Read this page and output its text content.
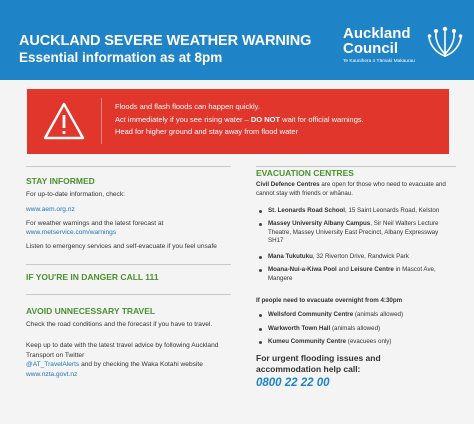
AUCKLAND SEVERE WEATHER WARNING
Essential information as at 8pm
Auckland
Council
Te Kaunihera o Tāmaki Makaurau
Floods and flash floods can happen quickly.
Act immediately if you see rising water – DO NOT wait for official warnings.
Head for higher ground and stay away from flood water
STAY INFORMED
For up-to-date information, check:
www.aem.org.nz
For weather warnings and the latest forecast at
www.metservice.com/warnings
Listen to emergency services and self-evacuate if you feel unsafe
IF YOU'RE IN DANGER CALL 111
AVOID UNNECESSARY TRAVEL
Check the road conditions and the forecast if you have to travel.
Keep up to date with the latest travel advice by following Auckland Transport on Twitter
@AT_TravelAlerts and by checking the Waka Kotahi website www.nzta.govt.nz
EVACUATION CENTRES
Civil Defence Centres are open for those who need to evacuate and cannot stay with friends or whānau.
St. Leonards Road School, 15 Saint Leonards Road, Kelston
Massey University Albany Campus, Sir Neil Walters Lecture Theatre, Massey University East Precinct, Albany Expressway SH17
Mana Tukutuku, 32 Riverton Drive, Randwick Park
Moana-Nui-a-Kiwa Pool and Leisure Centre in Mascot Ave, Mangere
If people need to evacuate overnight from 4:30pm
Wellsford Community Centre (animals allowed)
Warkworth Town Hall (animals allowed)
Kumeu Community Centre (evacuees only)
For urgent flooding issues and
accommodation help call:
0800 22 22 00
